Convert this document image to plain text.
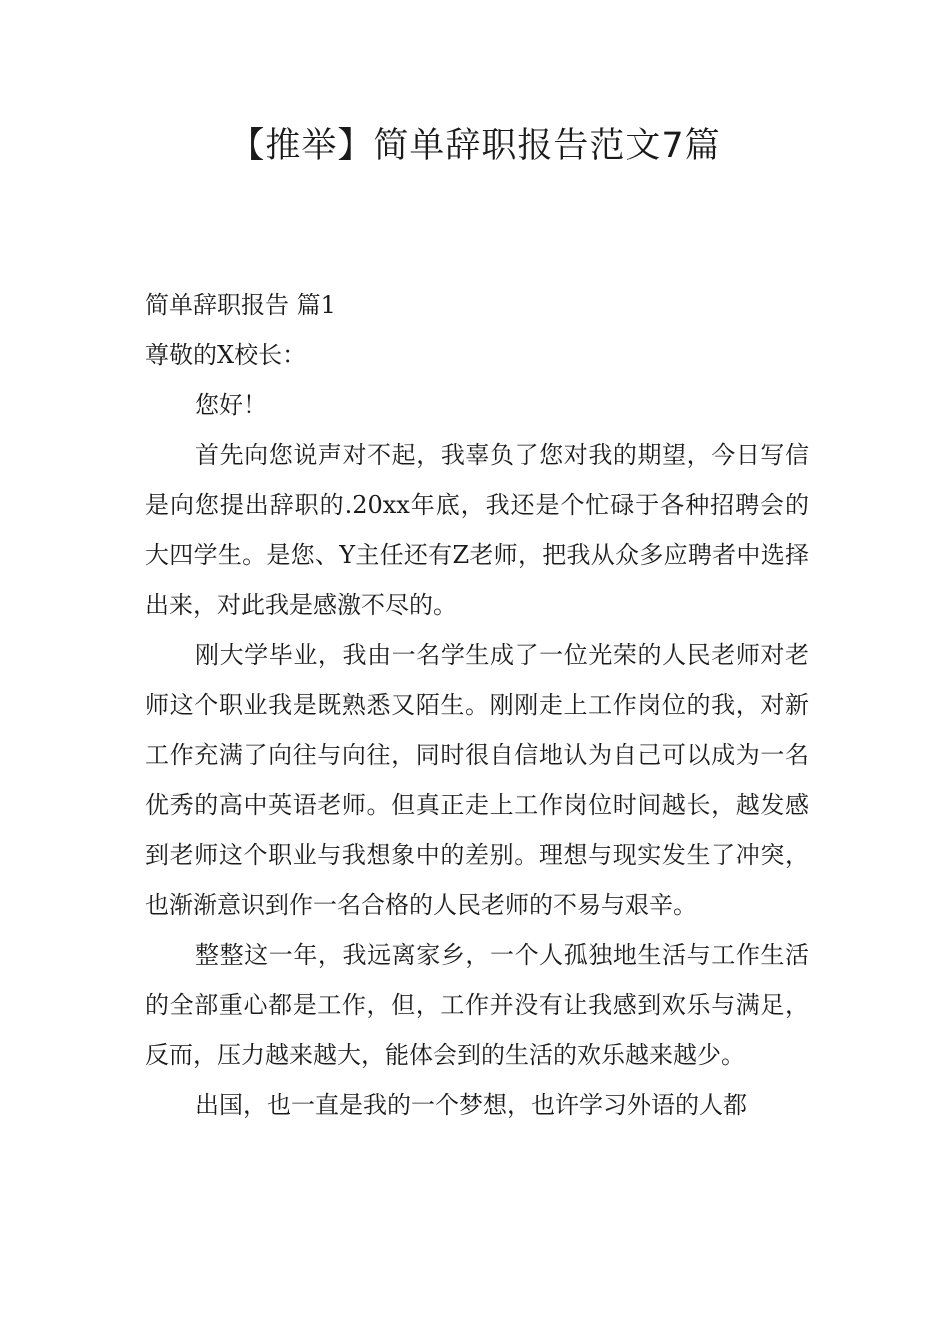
【推举】简单辞职报告范文7篇

简单辞职报告 篇1

尊敬的X校长：

您好！

首先向您说声对不起，我辜负了您对我的期望，今日写信是向您提出辞职的.20xx年底，我还是个忙碌于各种招聘会的大四学生。是您、Y主任还有Z老师，把我从众多应聘者中选择出来，对此我是感激不尽的。

刚大学毕业，我由一名学生成了一位光荣的人民老师对老师这个职业我是既熟悉又陌生。刚刚走上工作岗位的我，对新工作充满了向往与向往，同时很自信地认为自己可以成为一名优秀的高中英语老师。但真正走上工作岗位时间越长，越发感到老师这个职业与我想象中的差别。理想与现实发生了冲突，也渐渐意识到作一名合格的人民老师的不易与艰辛。

整整这一年，我远离家乡，一个人孤独地生活与工作生活的全部重心都是工作，但，工作并没有让我感到欢乐与满足，反而，压力越来越大，能体会到的生活的欢乐越来越少。

出国，也一直是我的一个梦想，也许学习外语的人都
